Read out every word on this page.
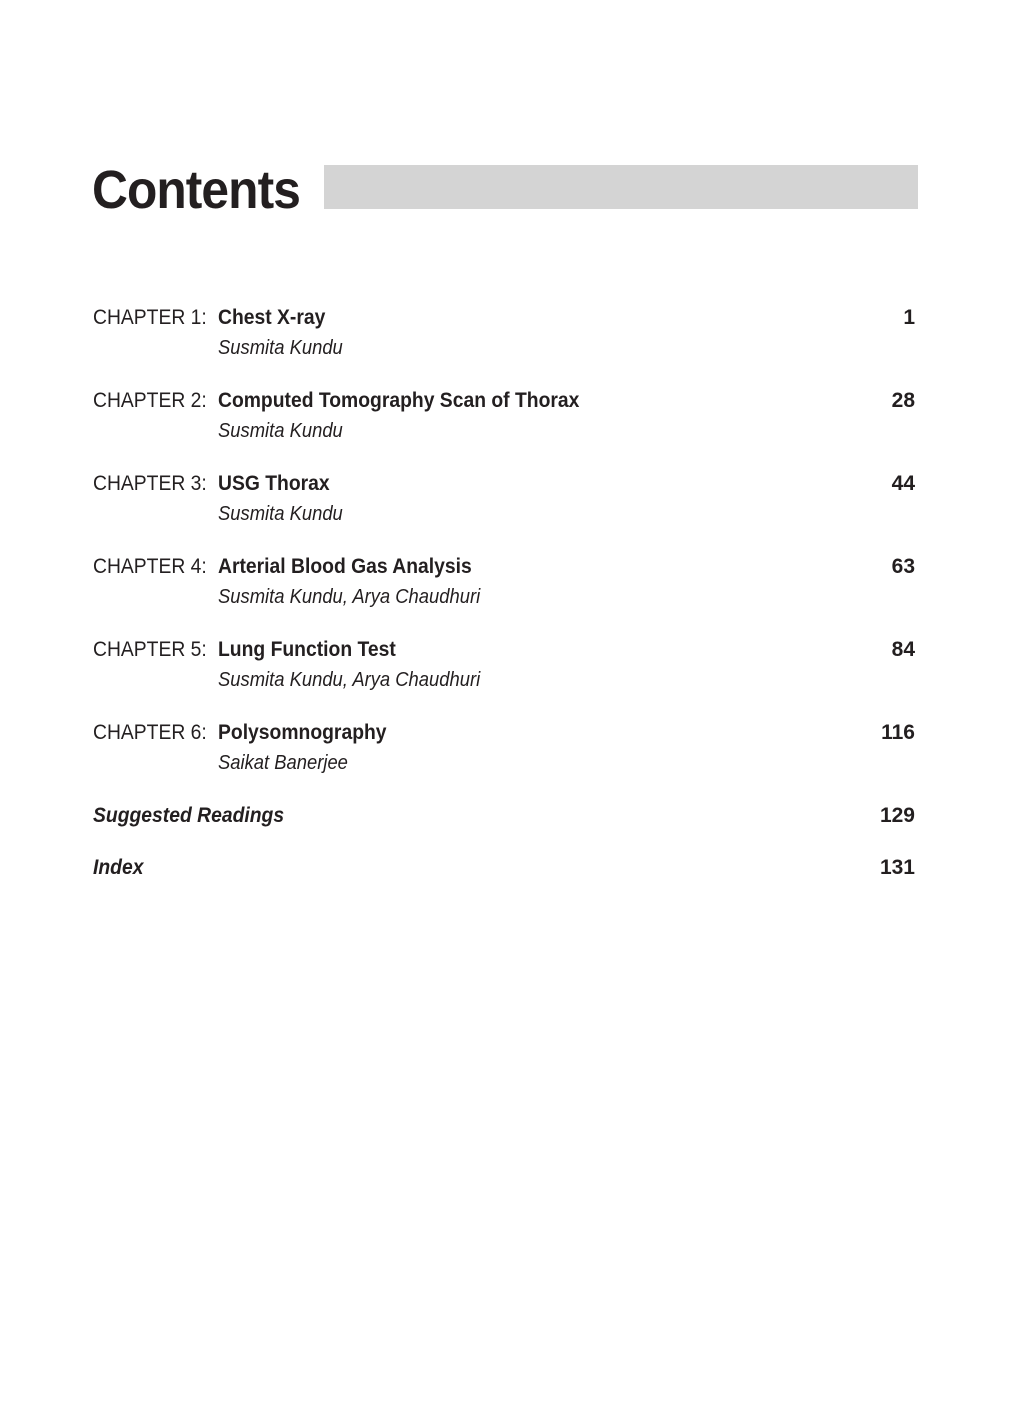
Contents
CHAPTER 1: Chest X-ray
Susmita Kundu
1
CHAPTER 2: Computed Tomography Scan of Thorax
Susmita Kundu
28
CHAPTER 3: USG Thorax
Susmita Kundu
44
CHAPTER 4: Arterial Blood Gas Analysis
Susmita Kundu, Arya Chaudhuri
63
CHAPTER 5: Lung Function Test
Susmita Kundu, Arya Chaudhuri
84
CHAPTER 6: Polysomnography
Saikat Banerjee
116
Suggested Readings	129
Index	131
